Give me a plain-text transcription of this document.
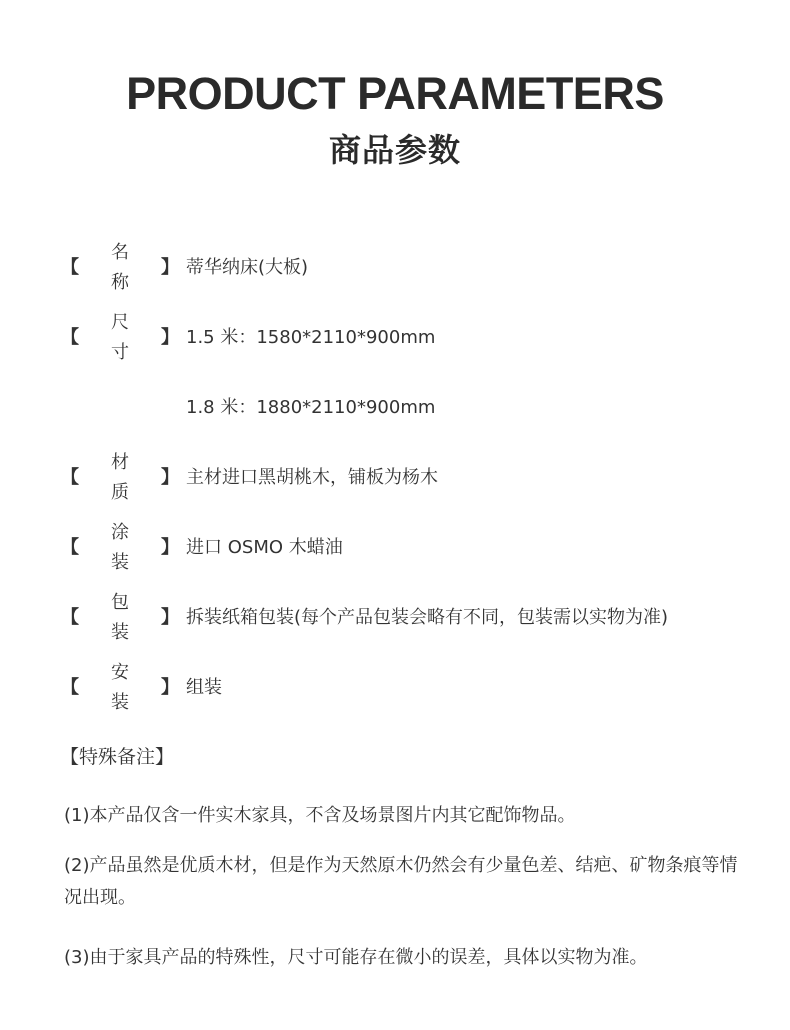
PRODUCT PARAMETERS
商品参数
【
名称
】 蒂华纳床(大板)
【
尺寸
】 1.5 米：1580*2110*900mm
1.8 米：1880*2110*900mm
【
材质
】 主材进口黑胡桃木，铺板为杨木
【
涂装
】 进口 OSMO 木蜡油
【
包装
】 拆装纸箱包装(每个产品包装会略有不同，包装需以实物为准)
【
安装
】 组装
【特殊备注】
(1)本产品仅含一件实木家具，不含及场景图片内其它配饰物品。
(2)产品虽然是优质木材，但是作为天然原木仍然会有少量色差、结疤、矿物条痕等情况出现。
(3)由于家具产品的特殊性，尺寸可能存在微小的误差，具体以实物为准。
